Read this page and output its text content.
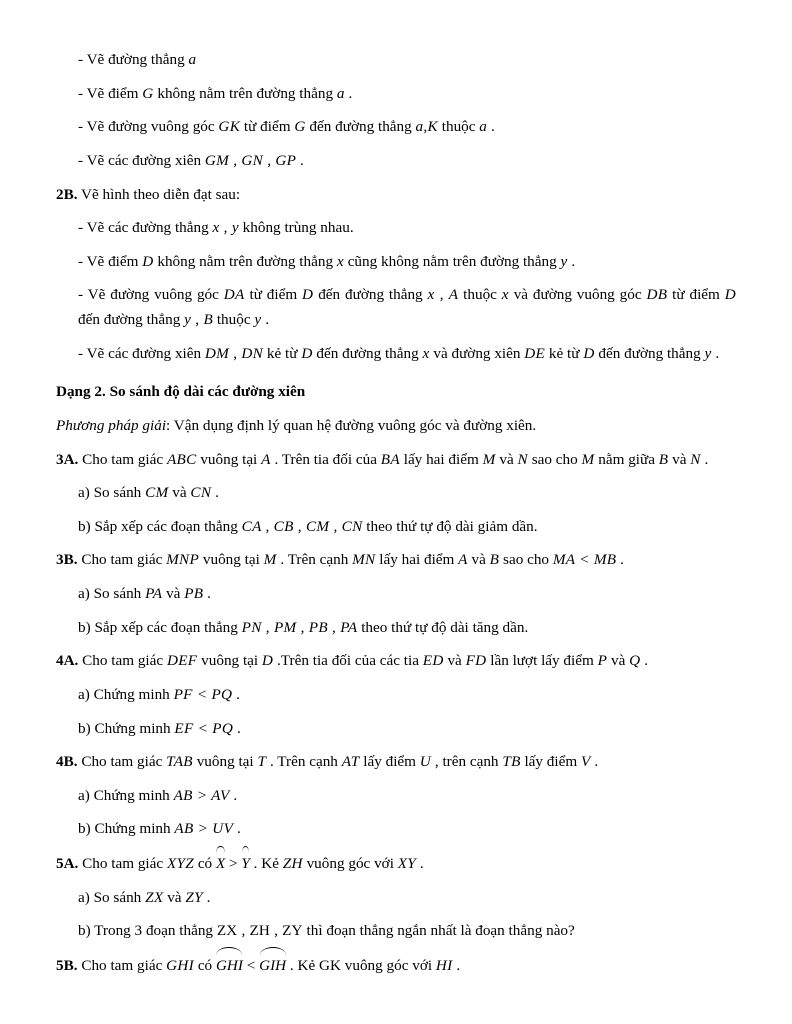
- Vẽ đường thẳng a
- Vẽ điểm G không nằm trên đường thẳng a .
- Vẽ đường vuông góc GK từ điểm G đến đường thẳng a,K thuộc a .
- Vẽ các đường xiên GM , GN , GP .
2B. Vẽ hình theo diễn đạt sau:
- Vẽ các đường thẳng x , y không trùng nhau.
- Vẽ điểm D không nằm trên đường thẳng x cũng không nằm trên đường thẳng y .
- Vẽ đường vuông góc DA từ điểm D đến đường thẳng x , A thuộc x và đường vuông góc DB từ điểm D đến đường thẳng y , B thuộc y .
- Vẽ các đường xiên DM , DN kẻ từ D đến đường thẳng x và đường xiên DE kẻ từ D đến đường thẳng y .
Dạng 2. So sánh độ dài các đường xiên
Phương pháp giải: Vận dụng định lý quan hệ đường vuông góc và đường xiên.
3A. Cho tam giác ABC vuông tại A . Trên tia đối của BA lấy hai điểm M và N sao cho M nằm giữa B và N .
a) So sánh CM và CN .
b) Sắp xếp các đoạn thẳng CA , CB , CM , CN theo thứ tự độ dài giảm dần.
3B. Cho tam giác MNP vuông tại M . Trên cạnh MN lấy hai điểm A và B sao cho MA < MB .
a) So sánh PA và PB .
b) Sắp xếp các đoạn thẳng PN , PM , PB , PA theo thứ tự độ dài tăng dần.
4A. Cho tam giác DEF vuông tại D .Trên tia đối của các tia ED và FD lần lượt lấy điểm P và Q .
a) Chứng minh PF < PQ .
b) Chứng minh EF < PQ .
4B. Cho tam giác TAB vuông tại T . Trên cạnh AT lấy điểm U , trên cạnh TB lấy điểm V .
a) Chứng minh AB > AV .
b) Chứng minh AB > UV .
5A. Cho tam giác XYZ có X > Y . Kẻ ZH vuông góc với XY .
a) So sánh ZX và ZY .
b) Trong 3 đoạn thẳng ZX , ZH , ZY thì đoạn thẳng ngắn nhất là đoạn thẳng nào?
5B. Cho tam giác GHI có GHI < GIH . Kẻ GK vuông góc với HI .
